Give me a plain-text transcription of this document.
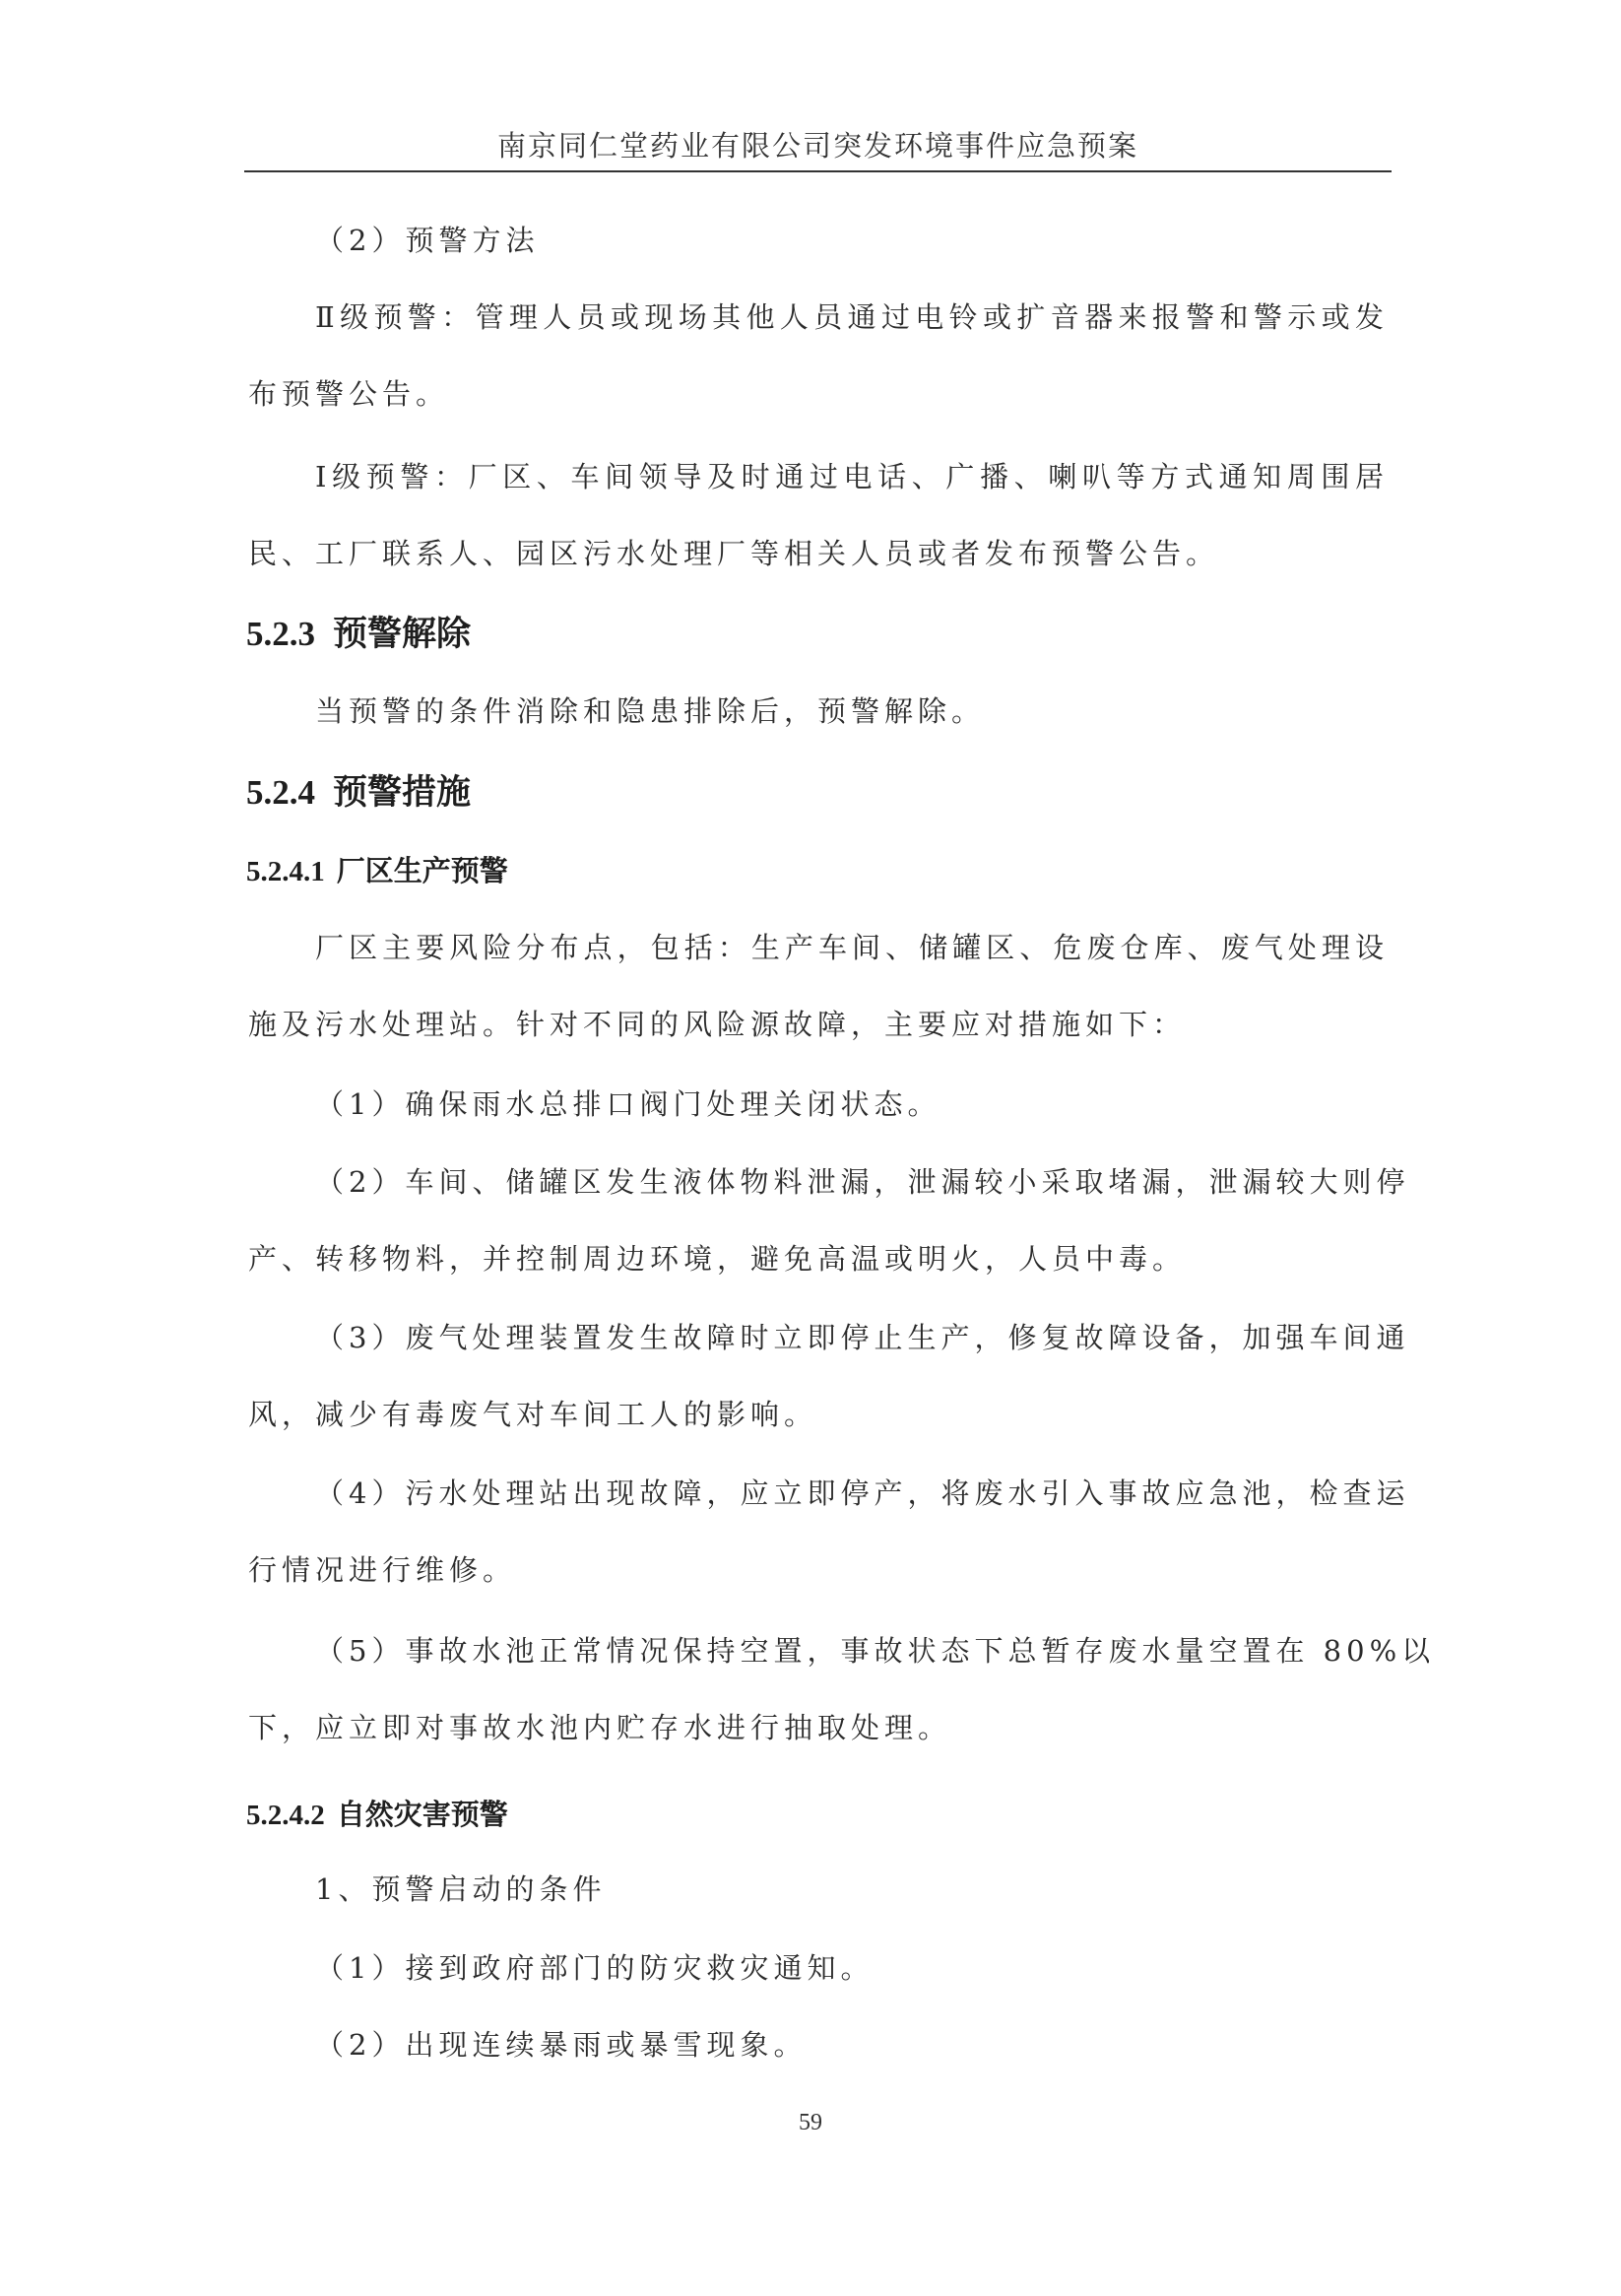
南京同仁堂药业有限公司突发环境事件应急预案
（2）预警方法
Ⅱ级预警：管理人员或现场其他人员通过电铃或扩音器来报警和警示或发
布预警公告。
Ⅰ级预警：厂区、车间领导及时通过电话、广播、喇叭等方式通知周围居
民、工厂联系人、园区污水处理厂等相关人员或者发布预警公告。
5.2.3 预警解除
当预警的条件消除和隐患排除后，预警解除。
5.2.4 预警措施
5.2.4.1 厂区生产预警
厂区主要风险分布点，包括：生产车间、储罐区、危废仓库、废气处理设
施及污水处理站。针对不同的风险源故障，主要应对措施如下：
（1）确保雨水总排口阀门处理关闭状态。
（2）车间、储罐区发生液体物料泄漏，泄漏较小采取堵漏，泄漏较大则停
产、转移物料，并控制周边环境，避免高温或明火，人员中毒。
（3）废气处理装置发生故障时立即停止生产，修复故障设备，加强车间通
风，减少有毒废气对车间工人的影响。
（4）污水处理站出现故障，应立即停产，将废水引入事故应急池，检查运
行情况进行维修。
（5）事故水池正常情况保持空置，事故状态下总暂存废水量空置在 80%以
下，应立即对事故水池内贮存水进行抽取处理。
5.2.4.2 自然灾害预警
1、预警启动的条件
（1）接到政府部门的防灾救灾通知。
（2）出现连续暴雨或暴雪现象。
59
